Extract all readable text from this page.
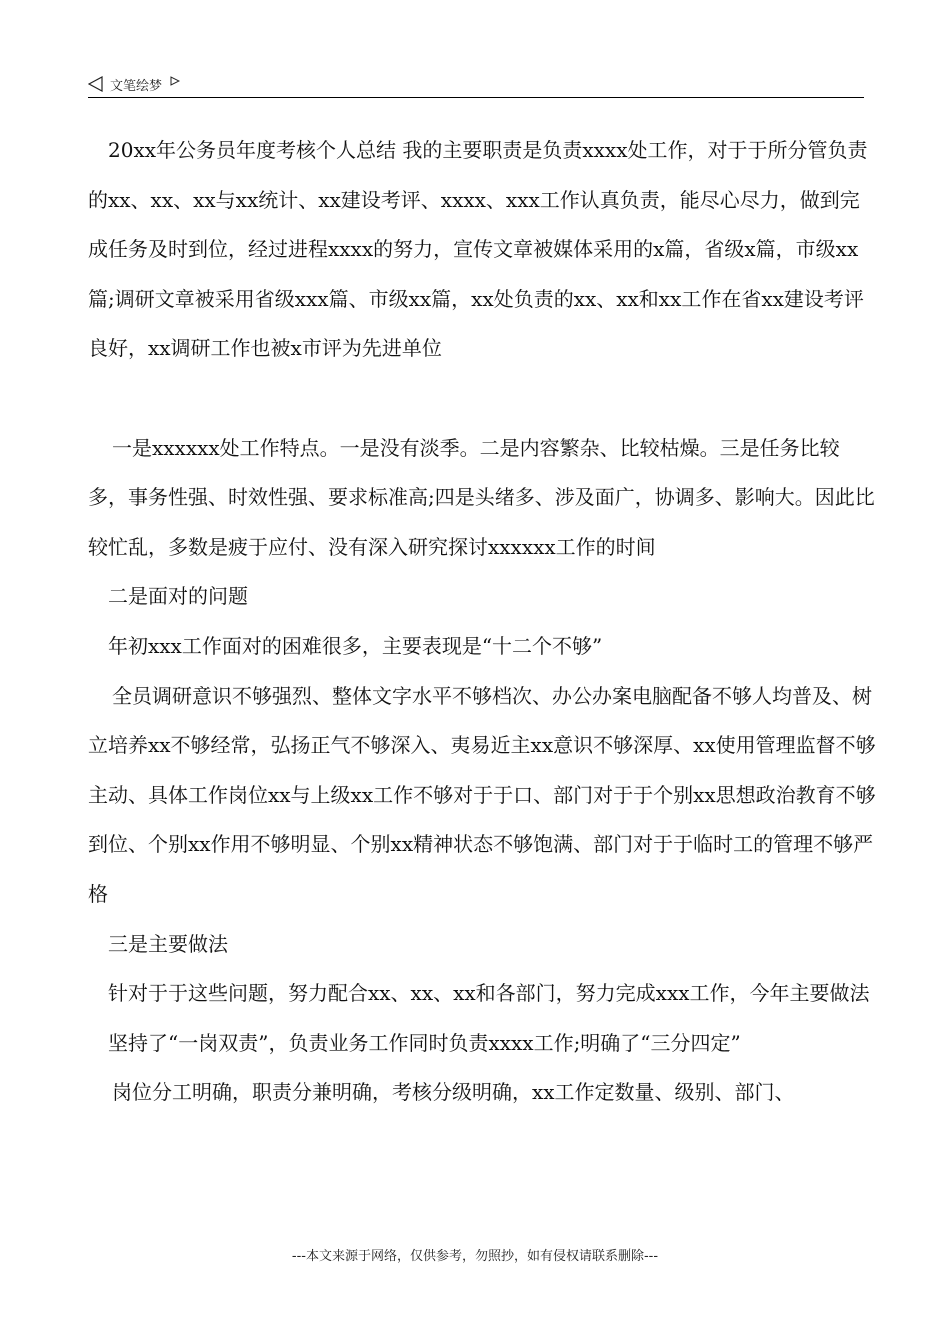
文笔绘梦

20xx年公务员年度考核个人总结 我的主要职责是负责xxxx处工作，对于于所分管负责的xx、xx、xx与xx统计、xx建设考评、xxxx、xxx工作认真负责，能尽心尽力，做到完成任务及时到位，经过进程xxxx的努力，宣传文章被媒体采用的x篇，省级x篇，市级xx篇;调研文章被采用省级xxx篇、市级xx篇，xx处负责的xx、xx和xx工作在省xx建设考评良好，xx调研工作也被x市评为先进单位

一是xxxxxx处工作特点。一是没有淡季。二是内容繁杂、比较枯燥。三是任务比较多，事务性强、时效性强、要求标准高;四是头绪多、涉及面广，协调多、影响大。因此比较忙乱，多数是疲于应付、没有深入研究探讨xxxxxx工作的时间

二是面对的问题

年初xxx工作面对的困难很多，主要表现是“十二个不够”

全员调研意识不够强烈、整体文字水平不够档次、办公办案电脑配备不够人均普及、树立培养xx不够经常，弘扬正气不够深入、夷易近主xx意识不够深厚、xx使用管理监督不够主动、具体工作岗位xx与上级xx工作不够对于于口、部门对于于个别xx思想政治教育不够到位、个别xx作用不够明显、个别xx精神状态不够饱满、部门对于于临时工的管理不够严格

三是主要做法

针对于于这些问题，努力配合xx、xx、xx和各部门，努力完成xxx工作，今年主要做法

坚持了“一岗双责”，负责业务工作同时负责xxxx工作;明确了“三分四定”

岗位分工明确，职责分兼明确，考核分级明确，xx工作定数量、级别、部门、

---本文来源于网络，仅供参考，勿照抄，如有侵权请联系删除---
